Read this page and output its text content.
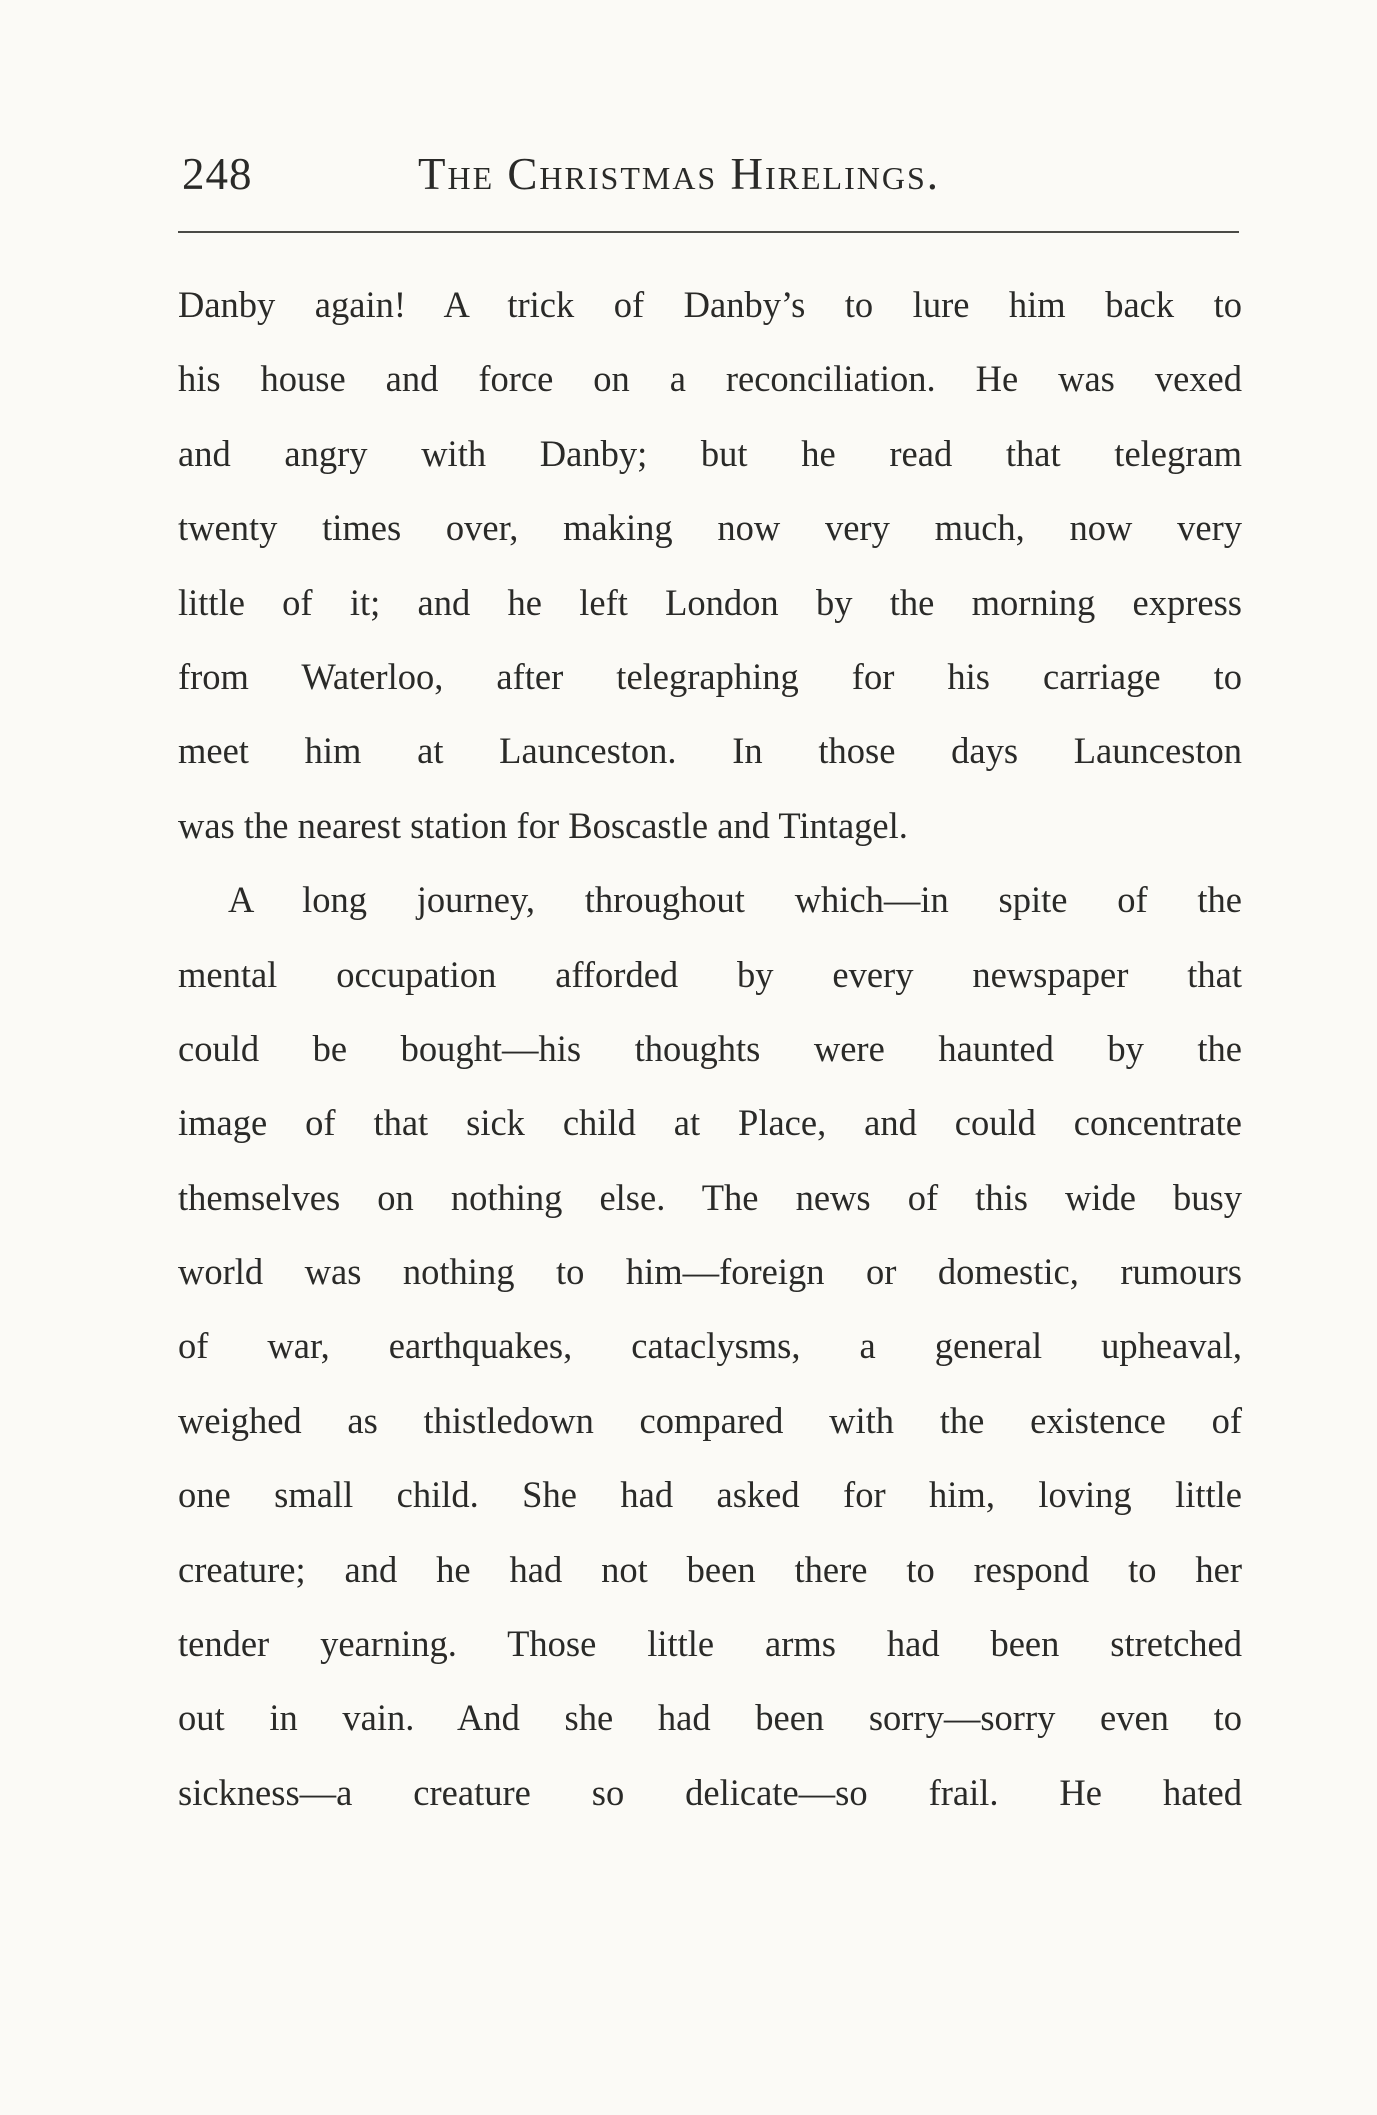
248	The Christmas Hirelings.
Danby again! A trick of Danby’s to lure him back to
his house and force on a reconciliation. He was vexed
and angry with Danby; but he read that telegram
twenty times over, making now very much, now very
little of it; and he left London by the morning express
from Waterloo, after telegraphing for his carriage to
meet him at Launceston. In those days Launceston
was the nearest station for Boscastle and Tintagel.
A long journey, throughout which—in spite of the
mental occupation afforded by every newspaper that
could be bought—his thoughts were haunted by the
image of that sick child at Place, and could concentrate
themselves on nothing else. The news of this wide busy
world was nothing to him—foreign or domestic, rumours
of war, earthquakes, cataclysms, a general upheaval,
weighed as thistledown compared with the existence of
one small child. She had asked for him, loving little
creature; and he had not been there to respond to her
tender yearning. Those little arms had been stretched
out in vain. And she had been sorry—sorry even to
sickness—a creature so delicate—so frail. He hated
